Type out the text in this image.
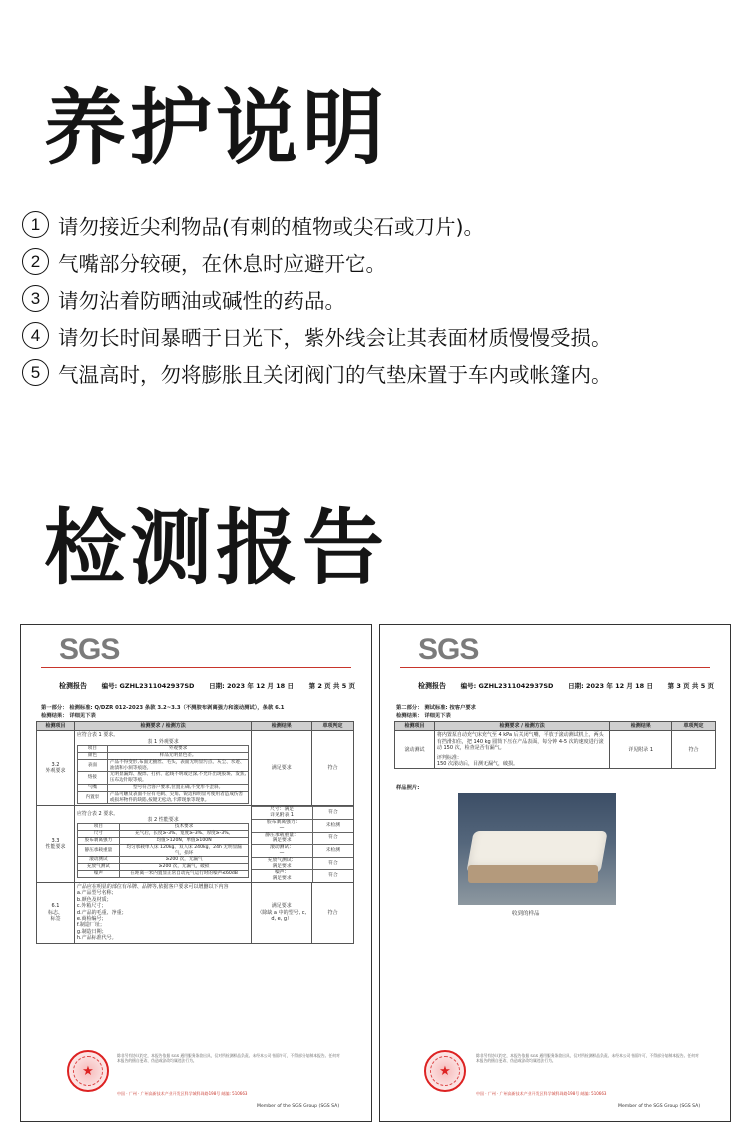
养护说明
1 请勿接近尖利物品(有刺的植物或尖石或刀片)。
2 气嘴部分较硬，在休息时应避开它。
3 请勿沾着防晒油或碱性的药品。
4 请勿长时间暴晒于日光下，紫外线会让其表面材质慢慢受损。
5 气温高时，勿将膨胀且关闭阀门的气垫床置于车内或帐篷内。
检测报告
SGS
检测报告 编号: GZHL2311042937SD 日期: 2023 年 12 月 18 日 第 2 页 共 5 页
第一部分： 检测标准: Q/DZR 012-2023 条款 3.2~3.3（不测胶布剥离强力和滚动测试），条款 6.1
检测结果： 详细见下表
检测项目	检测要求 / 检测方法	检测结果	单项判定
3.2
外观要求	
应符合表 1 要求。
表 1 外观要求
项目	外观要求
颜色	样品无明显色差。
表面	产品不得变形,布面无抽丝、毛头，表面无明显污点、灰尘、水迹、油渍和小洞等痕迹。
熔接	无明显漏焊、脱焊、打折、起线不明或过深,不允许出现胶斑、发焦,压布边针眼等痕。
气嘴	型号符合客户要求,位置正确,不变形不歪斜。
内置泵	产品可触及表面不应有毛刺、尖角、锐边和明显可使用者造成伤害或损坏物件的缺陷,按键无松动,卡滞现象等现象。
	满足要求	符合
3.3
性能要求	
应符合表 2 要求。
表 2 性能要求
项目	技术要求
尺寸	充气后，长度≥-3%、宽度≥-3%、厚度≥-3%。
胶布剥离强力	均值>120N，单值≥100N
静压承载重量	均匀承载单人床 120kg、双人床 240kg，24h 无明显漏气，损坏
滚动测试	≥200 次，无漏气
充放气测试	≥200 次，无漏气，破损
噪声	在距离一米内置显正常自动充气运行时的噪声≤60dB

尺寸：满足
详见附表 1	符合
胶布剥离强力:
—	未检测
静压承载重量：
满足要求	符合
滚动测试：
—	未检测
充放气测试：
满足要求	符合
噪声：
满足要求	符合

6.1
标志、
标签	产品应在明显的部位有吊牌、品牌等,依据客户要求可以增删以下内容
a.产品型号名称；
b.颜色及材质；
c.外箱尺寸；
d.产品的毛重、净重；
e.商检编号；
f.制造厂址；
g.制造日期；
h.产品标准代号。	满足要求
（除缺 a 中的型号, c, d, e, g）	符合
★
除非另有协议约定，本报告依据 SGS 通用服务条款出具，仅对所检测样品负责。未经本公司书面许可，不得部分复制本报告。任何对本报告的擅自更改、伪造或涂改均属违法行为。
中国 · 广州 · 广州高新技术产业开发区科学城科珠路198号 邮编: 510663
Member of the SGS Group (SGS SA)
SGS
检测报告 编号: GZHL2311042937SD 日期: 2023 年 12 月 18 日 第 3 页 共 5 页
第二部分： 测试标准: 按客户要求
检测结果： 详细见下表
检测项目	检测要求 / 检测方法	检测结果	单项判定
滚动测试	将内置泵自动充气床充气至 4 kPa 后关闭气嘴，平放于滚动测试机上，两头有挡滑扣住，把 140 kg 圆筒下压在产品表面，每分钟 4-5 次的速度进行滚动 150 次，检查是否有漏气。
评判标准：
150 次滚动后，目测无漏气，破损。	详见附录 1	符合
样品照片:
收到的样品
★
除非另有协议约定，本报告依据 SGS 通用服务条款出具，仅对所检测样品负责。未经本公司书面许可，不得部分复制本报告。任何对本报告的擅自更改、伪造或涂改均属违法行为。
中国 · 广州 · 广州高新技术产业开发区科学城科珠路198号 邮编: 510663
Member of the SGS Group (SGS SA)
